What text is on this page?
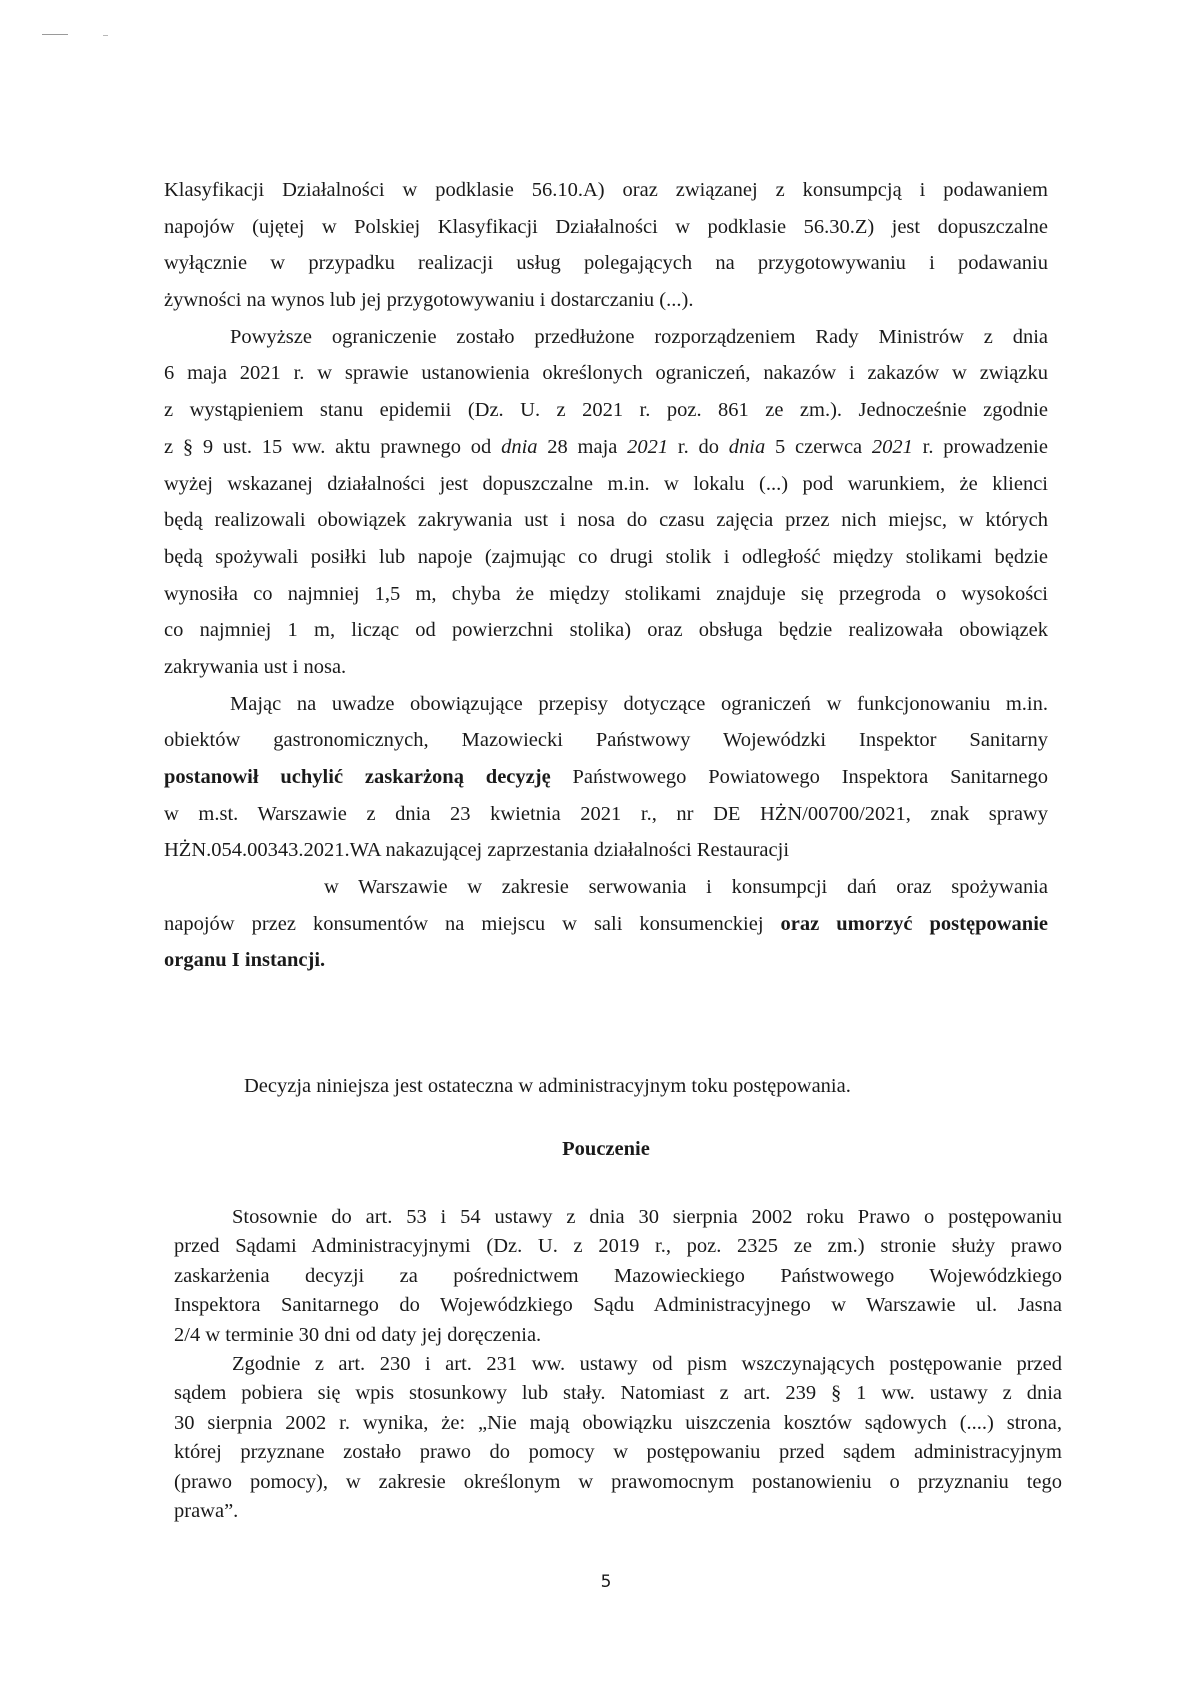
Klasyfikacji Działalności w podklasie 56.10.A) oraz związanej z konsumpcją i podawaniem
napojów (ujętej w Polskiej Klasyfikacji Działalności w podklasie 56.30.Z) jest dopuszczalne
wyłącznie w przypadku realizacji usług polegających na przygotowywaniu i podawaniu
żywności na wynos lub jej przygotowywaniu i dostarczaniu (...).
Powyższe ograniczenie zostało przedłużone rozporządzeniem Rady Ministrów z dnia
6 maja 2021 r. w sprawie ustanowienia określonych ograniczeń, nakazów i zakazów w związku
z wystąpieniem stanu epidemii (Dz. U. z 2021 r. poz. 861 ze zm.). Jednocześnie zgodnie
z § 9 ust. 15 ww. aktu prawnego od dnia 28 maja 2021 r. do dnia 5 czerwca 2021 r. prowadzenie
wyżej wskazanej działalności jest dopuszczalne m.in. w lokalu (...) pod warunkiem, że klienci
będą realizowali obowiązek zakrywania ust i nosa do czasu zajęcia przez nich miejsc, w których
będą spożywali posiłki lub napoje (zajmując co drugi stolik i odległość między stolikami będzie
wynosiła co najmniej 1,5 m, chyba że między stolikami znajduje się przegroda o wysokości
co najmniej 1 m, licząc od powierzchni stolika) oraz obsługa będzie realizowała obowiązek
zakrywania ust i nosa.
Mając na uwadze obowiązujące przepisy dotyczące ograniczeń w funkcjonowaniu m.in.
obiektów gastronomicznych, Mazowiecki Państwowy Wojewódzki Inspektor Sanitarny
postanowił uchylić zaskarżoną decyzję Państwowego Powiatowego Inspektora Sanitarnego
w m.st. Warszawie z dnia 23 kwietnia 2021 r., nr DE HŻN/00700/2021, znak sprawy
HŻN.054.00343.2021.WA nakazującej zaprzestania działalności Restauracji
w Warszawie w zakresie serwowania i konsumpcji dań oraz spożywania
napojów przez konsumentów na miejscu w sali konsumenckiej oraz umorzyć postępowanie
organu I instancji.
Decyzja niniejsza jest ostateczna w administracyjnym toku postępowania.
Pouczenie
Stosownie do art. 53 i 54 ustawy z dnia 30 sierpnia 2002 roku Prawo o postępowaniu
przed Sądami Administracyjnymi (Dz. U. z 2019 r., poz. 2325 ze zm.) stronie służy prawo
zaskarżenia decyzji za pośrednictwem Mazowieckiego Państwowego Wojewódzkiego
Inspektora Sanitarnego do Wojewódzkiego Sądu Administracyjnego w Warszawie ul. Jasna
2/4 w terminie 30 dni od daty jej doręczenia.
Zgodnie z art. 230 i art. 231 ww. ustawy od pism wszczynających postępowanie przed
sądem pobiera się wpis stosunkowy lub stały. Natomiast z art. 239 § 1 ww. ustawy z dnia
30 sierpnia 2002 r. wynika, że: „Nie mają obowiązku uiszczenia kosztów sądowych (....) strona,
której przyznane zostało prawo do pomocy w postępowaniu przed sądem administracyjnym
(prawo pomocy), w zakresie określonym w prawomocnym postanowieniu o przyznaniu tego
prawa”.
5
